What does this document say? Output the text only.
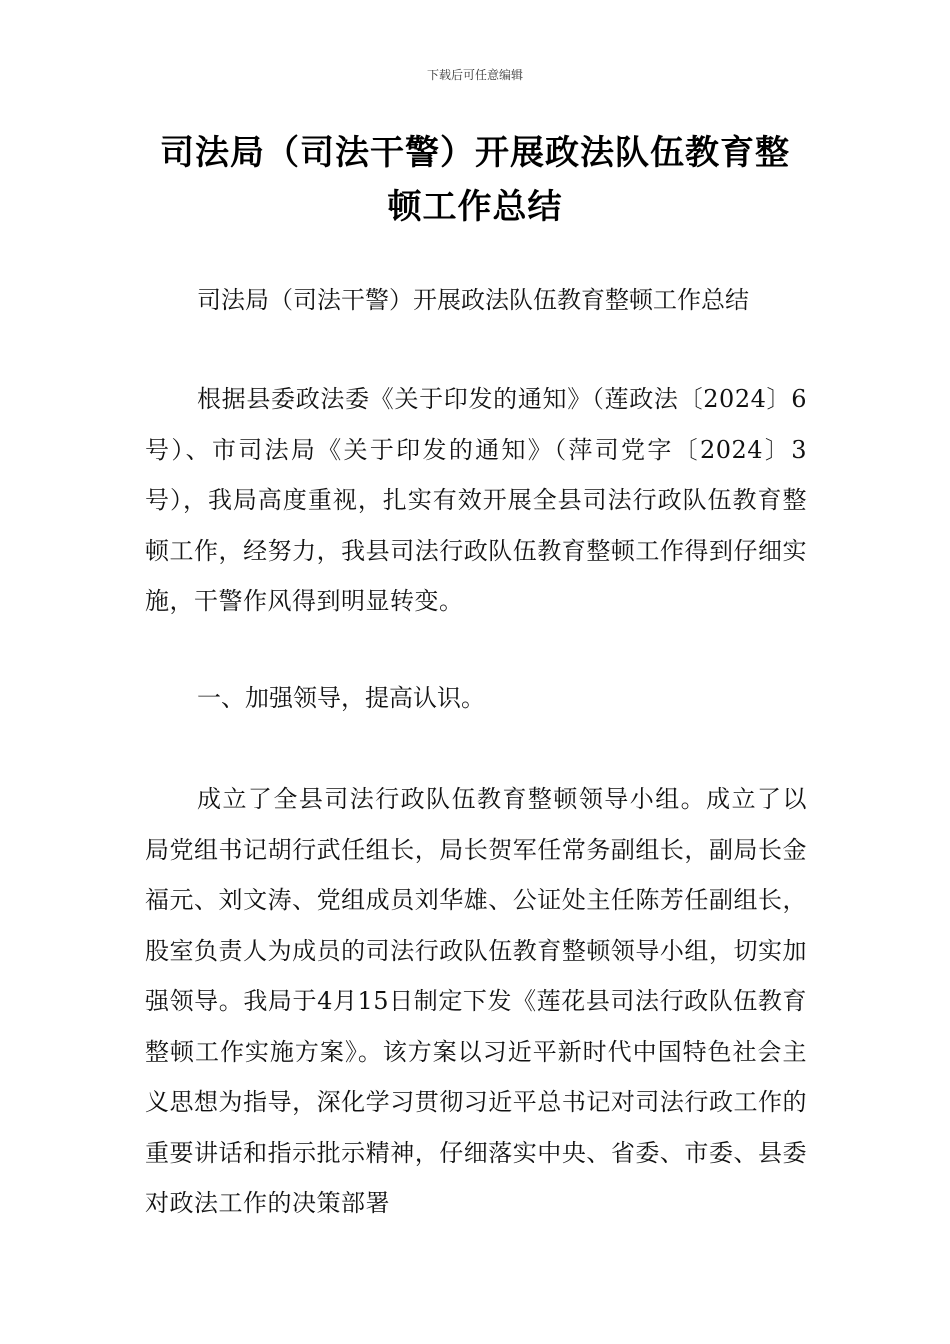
下载后可任意编辑
司法局（司法干警）开展政法队伍教育整
顿工作总结
司法局（司法干警）开展政法队伍教育整顿工作总结
根据县委政法委《关于印发的通知》（莲政法〔2024〕6号）、市司法局《关于印发的通知》（萍司党字〔2024〕3号），我局高度重视，扎实有效开展全县司法行政队伍教育整顿工作，经努力，我县司法行政队伍教育整顿工作得到仔细实施，干警作风得到明显转变。
一、加强领导，提高认识。
成立了全县司法行政队伍教育整顿领导小组。成立了以局党组书记胡行武任组长，局长贺军任常务副组长，副局长金福元、刘文涛、党组成员刘华雄、公证处主任陈芳任副组长，股室负责人为成员的司法行政队伍教育整顿领导小组，切实加强领导。我局于4月15日制定下发《莲花县司法行政队伍教育整顿工作实施方案》。该方案以习近平新时代中国特色社会主义思想为指导，深化学习贯彻习近平总书记对司法行政工作的重要讲话和指示批示精神，仔细落实中央、省委、市委、县委对政法工作的决策部署
